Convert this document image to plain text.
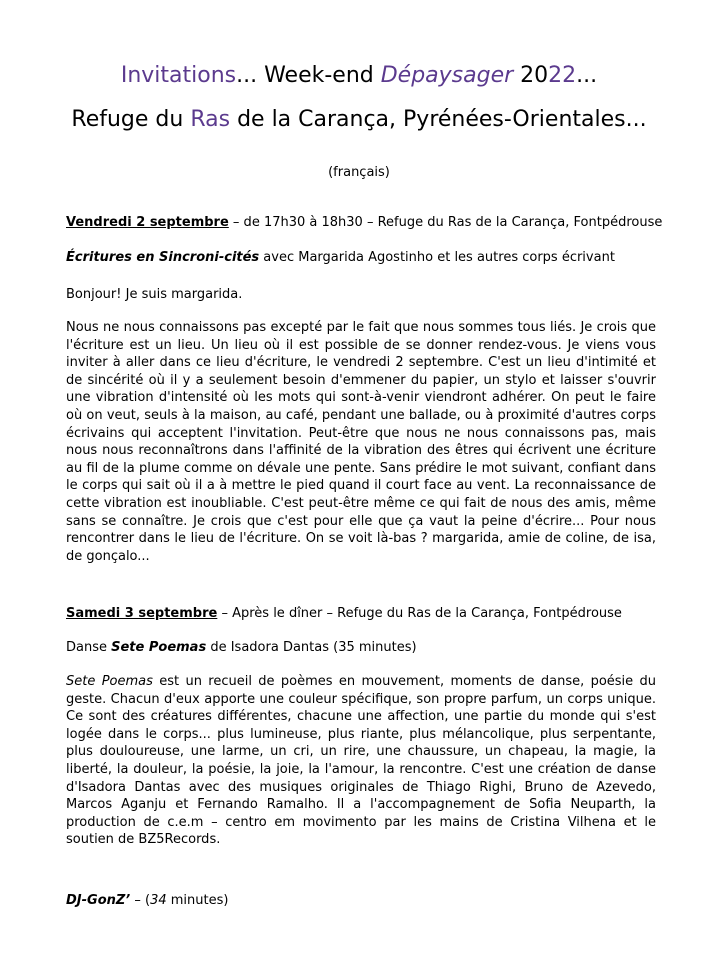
Invitations... Week-end Dépaysager 2022...
Refuge du Ras de la Carança, Pyrénées-Orientales...
(français)
Vendredi 2 septembre – de 17h30 à 18h30 – Refuge du Ras de la Carança, Fontpédrouse
Écritures en Sincroni-cités avec Margarida Agostinho et les autres corps écrivant
Bonjour! Je suis margarida.
Nous ne nous connaissons pas excepté par le fait que nous sommes tous liés. Je crois que l'écriture est un lieu. Un lieu où il est possible de se donner rendez-vous. Je viens vous inviter à aller dans ce lieu d'écriture, le vendredi 2 septembre. C'est un lieu d'intimité et de sincérité où il y a seulement besoin d'emmener du papier, un stylo et laisser s'ouvrir une vibration d'intensité où les mots qui sont-à-venir viendront adhérer. On peut le faire où on veut, seuls à la maison, au café, pendant une ballade, ou à proximité d'autres corps écrivains qui acceptent l'invitation. Peut-être que nous ne nous connaissons pas, mais nous nous reconnaîtrons dans l'affinité de la vibration des êtres qui écrivent une écriture au fil de la plume comme on dévale une pente. Sans prédire le mot suivant, confiant dans le corps qui sait où il a à mettre le pied quand il court face au vent. La reconnaissance de cette vibration est inoubliable. C'est peut-être même ce qui fait de nous des amis, même sans se connaître. Je crois que c'est pour elle que ça vaut la peine d'écrire... Pour nous rencontrer dans le lieu de l'écriture. On se voit là-bas ? margarida, amie de coline, de isa, de gonçalo...
Samedi 3 septembre – Après le dîner – Refuge du Ras de la Carança, Fontpédrouse
Danse Sete Poemas de Isadora Dantas (35 minutes)
Sete Poemas est un recueil de poèmes en mouvement, moments de danse, poésie du geste. Chacun d'eux apporte une couleur spécifique, son propre parfum, un corps unique. Ce sont des créatures différentes, chacune une affection, une partie du monde qui s'est logée dans le corps... plus lumineuse, plus riante, plus mélancolique, plus serpentante, plus douloureuse, une larme, un cri, un rire, une chaussure, un chapeau, la magie, la liberté, la douleur, la poésie, la joie, la l'amour, la rencontre. C'est une création de danse d'Isadora Dantas avec des musiques originales de Thiago Righi, Bruno de Azevedo, Marcos Aganju et Fernando Ramalho. Il a l'accompagnement de Sofia Neuparth, la production de c.e.m – centro em movimento par les mains de Cristina Vilhena et le soutien de BZ5Records.
DJ-GonZ’ – (34 minutes)
